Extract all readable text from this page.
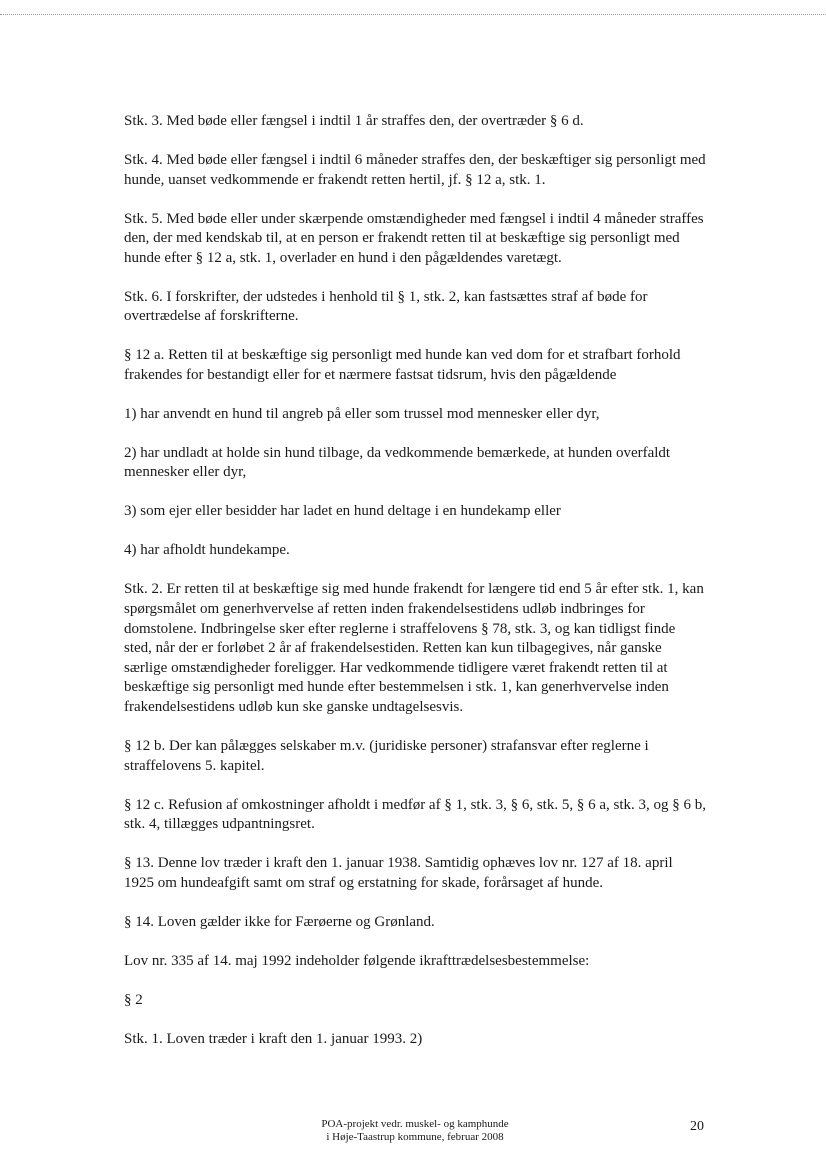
Stk. 3. Med bøde eller fængsel i indtil 1 år straffes den, der overtræder § 6 d.

Stk. 4. Med bøde eller fængsel i indtil 6 måneder straffes den, der beskæftiger sig personligt med hunde, uanset vedkommende er frakendt retten hertil, jf. § 12 a, stk. 1.

Stk. 5. Med bøde eller under skærpende omstændigheder med fængsel i indtil 4 måneder straffes den, der med kendskab til, at en person er frakendt retten til at beskæftige sig personligt med hunde efter § 12 a, stk. 1, overlader en hund i den pågældendes varetægt.

Stk. 6. I forskrifter, der udstedes i henhold til § 1, stk. 2, kan fastsættes straf af bøde for overtrædelse af forskrifterne.

§ 12 a. Retten til at beskæftige sig personligt med hunde kan ved dom for et strafbart forhold frakendes for bestandigt eller for et nærmere fastsat tidsrum, hvis den pågældende

1) har anvendt en hund til angreb på eller som trussel mod mennesker eller dyr,

2) har undladt at holde sin hund tilbage, da vedkommende bemærkede, at hunden overfaldt mennesker eller dyr,

3) som ejer eller besidder har ladet en hund deltage i en hundekamp eller

4) har afholdt hundekampe.

Stk. 2. Er retten til at beskæftige sig med hunde frakendt for længere tid end 5 år efter stk. 1, kan spørgsmålet om generhvervelse af retten inden frakendelsestidens udløb indbringes for domstolene. Indbringelse sker efter reglerne i straffelovens § 78, stk. 3, og kan tidligst finde sted, når der er forløbet 2 år af frakendelsestiden. Retten kan kun tilbagegives, når ganske særlige omstændigheder foreligger. Har vedkommende tidligere været frakendt retten til at beskæftige sig personligt med hunde efter bestemmelsen i stk. 1, kan generhvervelse inden frakendelsestidens udløb kun ske ganske undtagelsesvis.

§ 12 b. Der kan pålægges selskaber m.v. (juridiske personer) strafansvar efter reglerne i straffelovens 5. kapitel.

§ 12 c. Refusion af omkostninger afholdt i medfør af § 1, stk. 3, § 6, stk. 5, § 6 a, stk. 3, og § 6 b, stk. 4, tillægges udpantningsret.

§ 13. Denne lov træder i kraft den 1. januar 1938. Samtidig ophæves lov nr. 127 af 18. april 1925 om hundeafgift samt om straf og erstatning for skade, forårsaget af hunde.

§ 14. Loven gælder ikke for Færøerne og Grønland.

Lov nr. 335 af 14. maj 1992 indeholder følgende ikrafttrædelsesbestemmelse:

§ 2

Stk. 1. Loven træder i kraft den 1. januar 1993. 2)

POA-projekt vedr. muskel- og kamphunde
i Høje-Taastrup kommune, februar 2008
20
